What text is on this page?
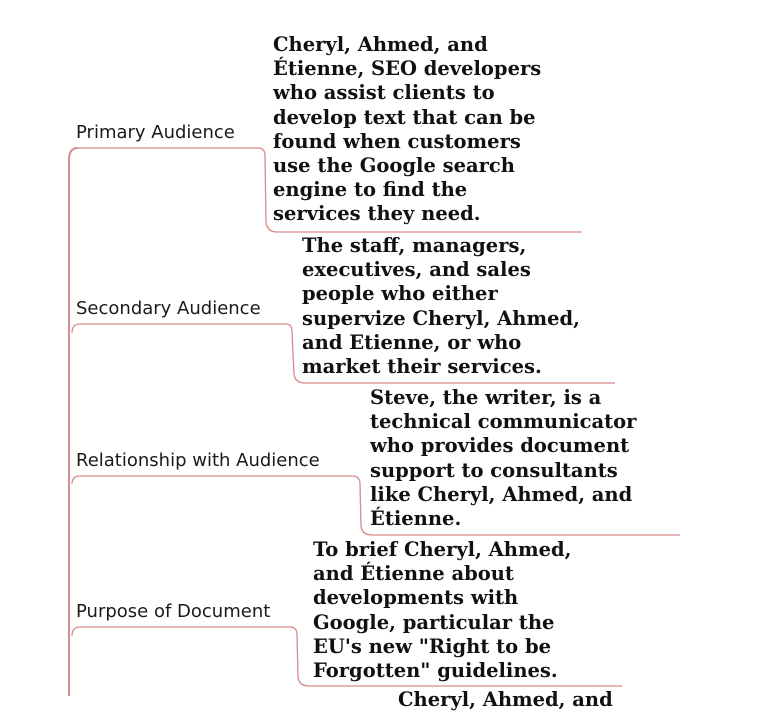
Primary Audience
Cheryl, Ahmed, and
Étienne, SEO developers
who assist clients to
develop text that can be
found when customers
use the Google search
engine to find the
services they need.
Secondary Audience
The staff, managers,
executives, and sales
people who either
supervize Cheryl, Ahmed,
and Etienne, or who
market their services.
Relationship with Audience
Steve, the writer, is a
technical communicator
who provides document
support to consultants
like Cheryl, Ahmed, and
Étienne.
Purpose of Document
To brief Cheryl, Ahmed,
and Étienne about
developments with
Google, particular the
EU's new "Right to be
Forgotten" guidelines.
Cheryl, Ahmed, and
